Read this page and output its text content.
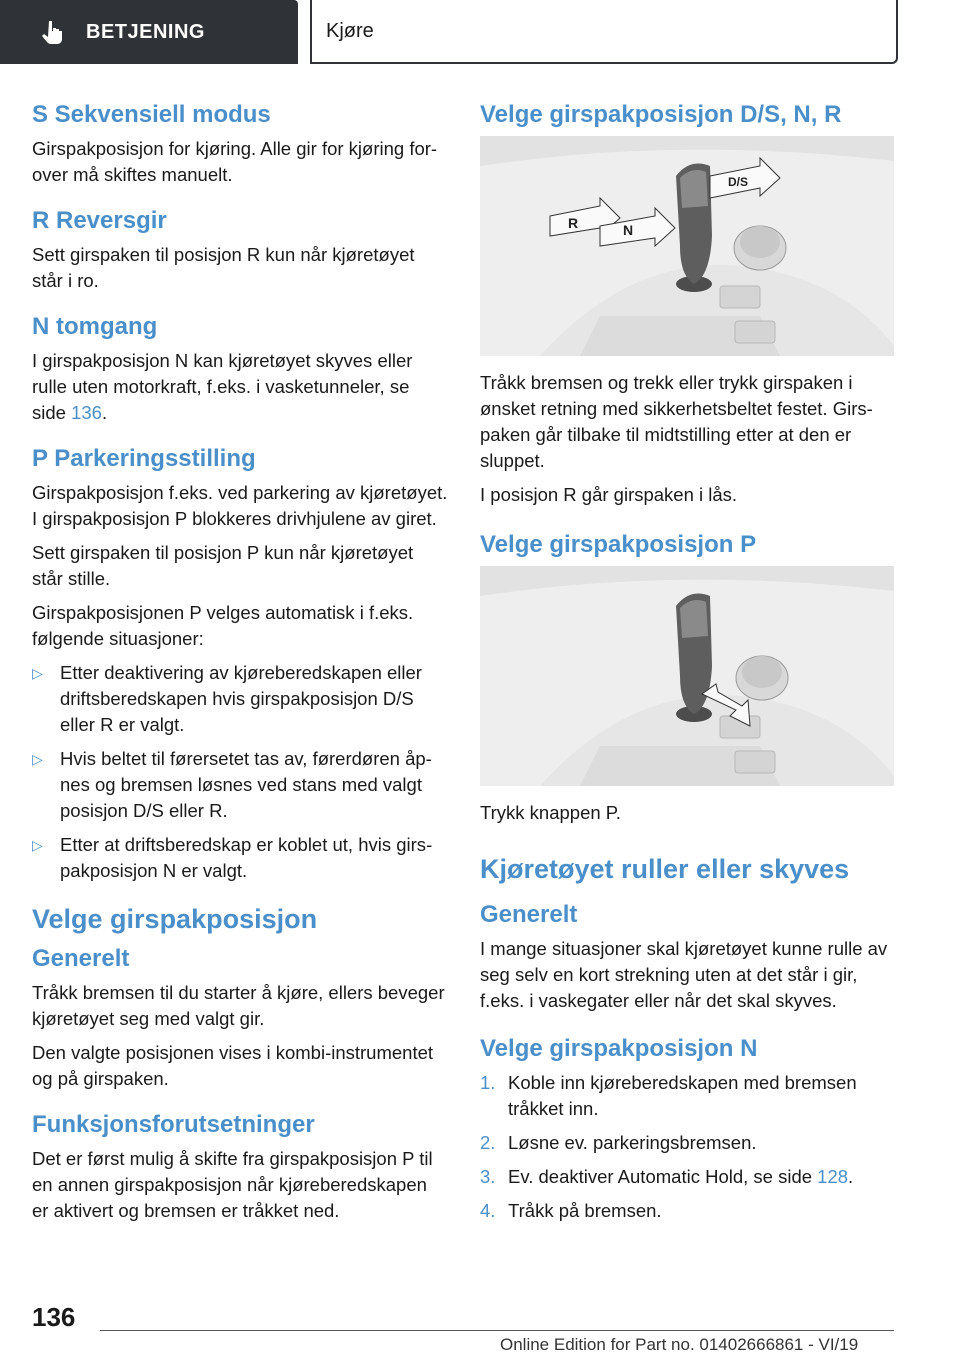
BETJENING	Kjøre
S Sekvensiell modus

Girspakposisjon for kjøring. Alle gir for kjøring forover må skiftes manuelt.

R Reversgir

Sett girspaken til posisjon R kun når kjøretøyet står i ro.

N tomgang

I girspakposisjon N kan kjøretøyet skyves eller rulle uten motorkraft, f.eks. i vasketunneler, se side 136.

P Parkeringsstilling

Girspakposisjon f.eks. ved parkering av kjøretøyet. I girspakposisjon P blokkeres drivhjulene av giret.

Sett girspaken til posisjon P kun når kjøretøyet står stille.

Girspakposisjonen P velges automatisk i f.eks. følgende situasjoner:

▷ Etter deaktivering av kjøreberedskapen eller driftsberedskapen hvis girspakposisjon D/S eller R er valgt.
▷ Hvis beltet til førersetet tas av, førerdøren åpnes og bremsen løsnes ved stans med valgt posisjon D/S eller R.
▷ Etter at driftsberedskap er koblet ut, hvis girspakposisjon N er valgt.
Velge girspakposisjon
Generelt

Tråkk bremsen til du starter å kjøre, ellers beveger kjøretøyet seg med valgt gir.

Den valgte posisjonen vises i kombi-instrumentet og på girspaken.

Funksjonsforutsetninger

Det er først mulig å skifte fra girspakposisjon P til en annen girspakposisjon når kjøreberedskapen er aktivert og bremsen er tråkket ned.

Velge girspakposisjon D/S, N, R
R	N
D/S

Tråkk bremsen og trekk eller trykk girspaken i ønsket retning med sikkerhetsbeltet festet. Girspaken går tilbake til midtstilling etter at den er sluppet.

I posisjon R går girspaken i lås.

Velge girspakposisjon P

Trykk knappen P.

Kjøretøyet ruller eller skyves
Generelt

I mange situasjoner skal kjøretøyet kunne rulle av seg selv en kort strekning uten at det står i gir, f.eks. i vaskegater eller når det skal skyves.

Velge girspakposisjon N
1. Koble inn kjøreberedskapen med bremsen tråkket inn.
2. Løsne ev. parkeringsbremsen.
3. Ev. deaktiver Automatic Hold, se side 128.
4. Tråkk på bremsen.
136
Online Edition for Part no. 01402666861 - VI/19
